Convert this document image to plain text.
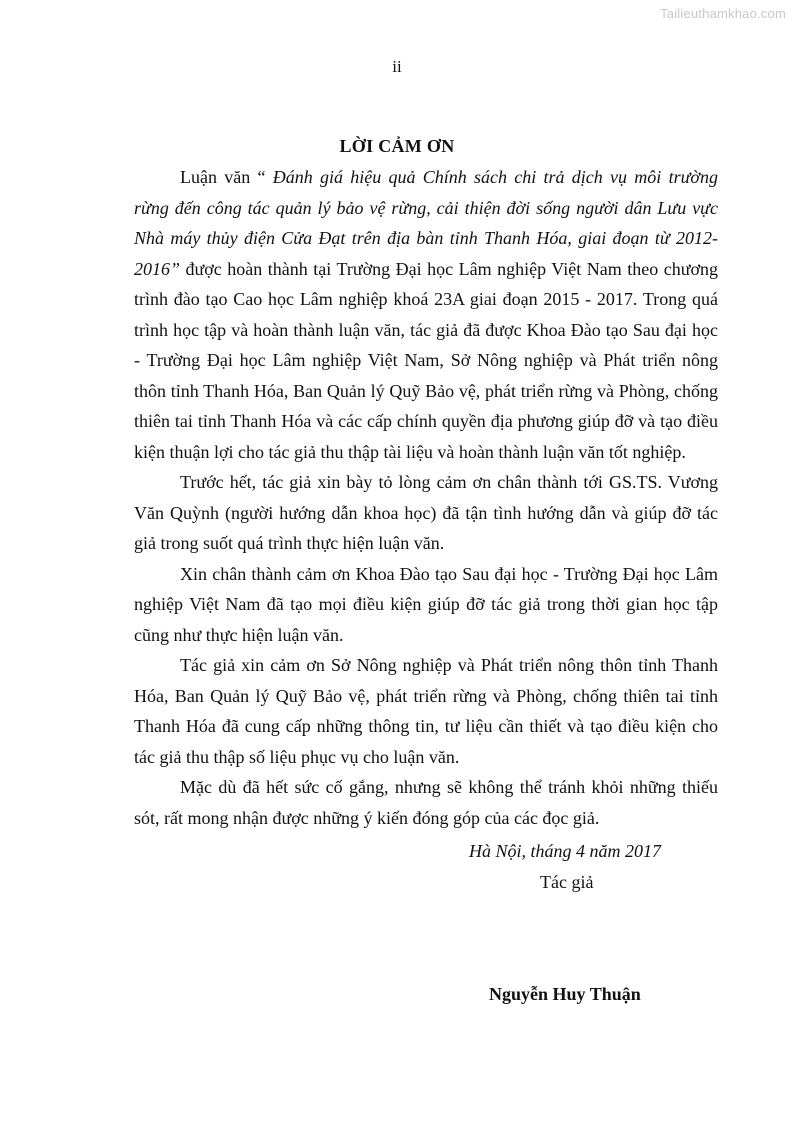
Tailieuthamkhao.com
ii
LỜI CẢM ƠN

Luận văn “ Đánh giá hiệu quả Chính sách chi trả dịch vụ môi trường rừng đến công tác quản lý bảo vệ rừng, cải thiện đời sống người dân Lưu vực Nhà máy thủy điện Cửa Đạt trên địa bàn tỉnh Thanh Hóa, giai đoạn từ 2012- 2016” được hoàn thành tại Trường Đại học Lâm nghiệp Việt Nam theo chương trình đào tạo Cao học Lâm nghiệp khoá 23A giai đoạn 2015 - 2017. Trong quá trình học tập và hoàn thành luận văn, tác giả đã được Khoa Đào tạo Sau đại học - Trường Đại học Lâm nghiệp Việt Nam, Sở Nông nghiệp và Phát triển nông thôn tỉnh Thanh Hóa, Ban Quản lý Quỹ Bảo vệ, phát triển rừng và Phòng, chống thiên tai tỉnh Thanh Hóa và các cấp chính quyền địa phương giúp đỡ và tạo điều kiện thuận lợi cho tác giả thu thập tài liệu và hoàn thành luận văn tốt nghiệp.

Trước hết, tác giả xin bày tỏ lòng cảm ơn chân thành tới GS.TS. Vương Văn Quỳnh (người hướng dẫn khoa học) đã tận tình hướng dẫn và giúp đỡ tác giả trong suốt quá trình thực hiện luận văn.

Xin chân thành cảm ơn Khoa Đào tạo Sau đại học - Trường Đại học Lâm nghiệp Việt Nam đã tạo mọi điều kiện giúp đỡ tác giả trong thời gian học tập cũng như thực hiện luận văn.

Tác giả xin cảm ơn Sở Nông nghiệp và Phát triển nông thôn tỉnh Thanh Hóa, Ban Quản lý Quỹ Bảo vệ, phát triển rừng và Phòng, chống thiên tai tỉnh Thanh Hóa đã cung cấp những thông tin, tư liệu cần thiết và tạo điều kiện cho tác giả thu thập số liệu phục vụ cho luận văn.

Mặc dù đã hết sức cố gắng, nhưng sẽ không thể tránh khỏi những thiếu sót, rất mong nhận được những ý kiến đóng góp của các đọc giả.

Hà Nội, tháng 4 năm 2017
Tác giả
Nguyễn Huy Thuận
